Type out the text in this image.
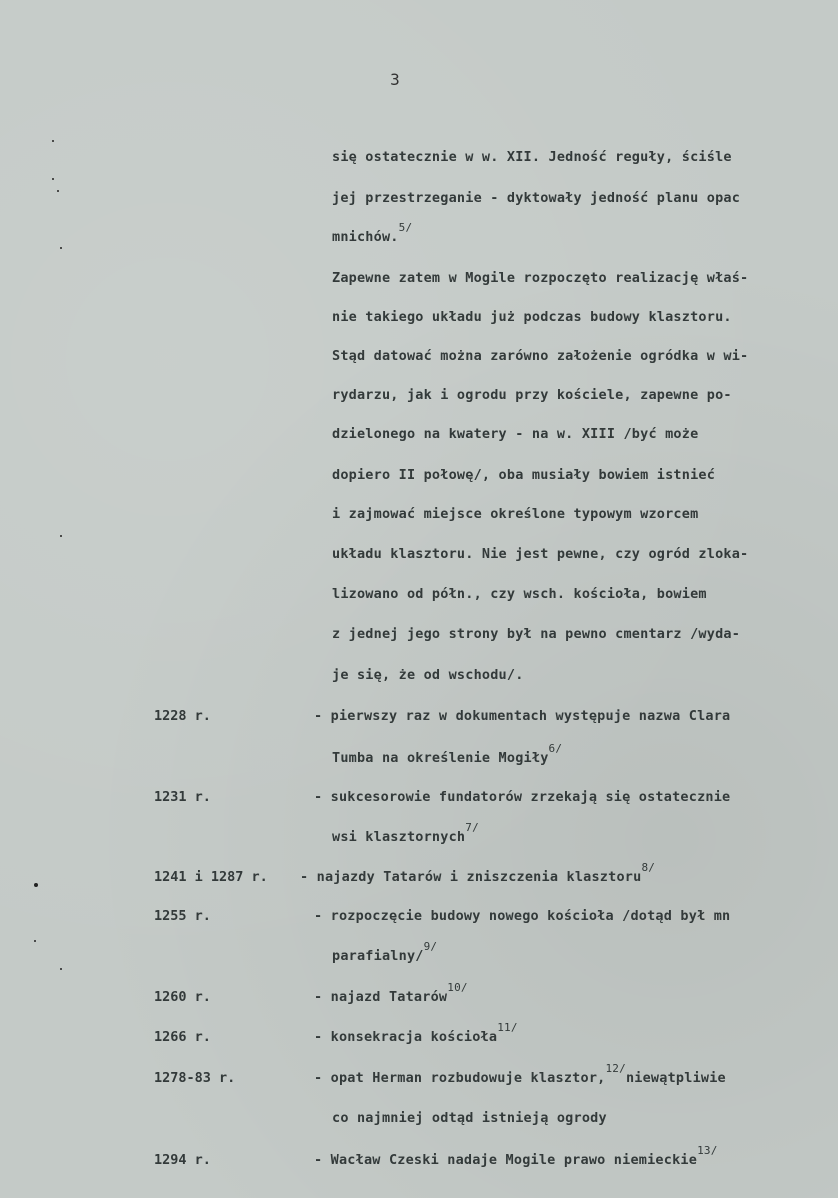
3
się ostatecznie w w. XII. Jedność reguły, ściśle
jej przestrzeganie - dyktowały jedność planu opac
mnichów.$^{5/}$
Zapewne zatem w Mogile rozpoczęto realizację właś-
nie takiego układu już podczas budowy klasztoru.
Stąd datować można zarówno założenie ogródka w wi-
rydarzu, jak i ogrodu przy kościele, zapewne po-
dzielonego na kwatery - na w. XIII /być może
dopiero II połowę/, oba musiały bowiem istnieć
i zajmować miejsce określone typowym wzorcem
układu klasztoru. Nie jest pewne, czy ogród zloka-
lizowano od półn., czy wsch. kościoła, bowiem
z jednej jego strony był na pewno cmentarz /wyda-
je się, że od wschodu/.
1228 r.	- pierwszy raz w dokumentach występuje nazwa Clara
Tumba na określenie Mogiły$^{6/}$
1231 r.	- sukcesorowie fundatorów zrzekają się ostatecznie
wsi klasztornych$^{7/}$
1241 i 1287 r. - najazdy Tatarów i zniszczenia klasztoru$^{8/}$
1255 r.	- rozpoczęcie budowy nowego kościoła /dotąd był mn
parafialny/$^{9/}$
1260 r.	- najazd Tatarów$^{10/}$
1266 r.	- konsekracja kościoła$^{11/}$
1278-83 r.	- opat Herman rozbudowuje klasztor,$^{12/}$niewątpliwie
co najmniej odtąd istnieją ogrody
1294 r.	- Wacław Czeski nadaje Mogile prawo niemieckie$^{13/}$
